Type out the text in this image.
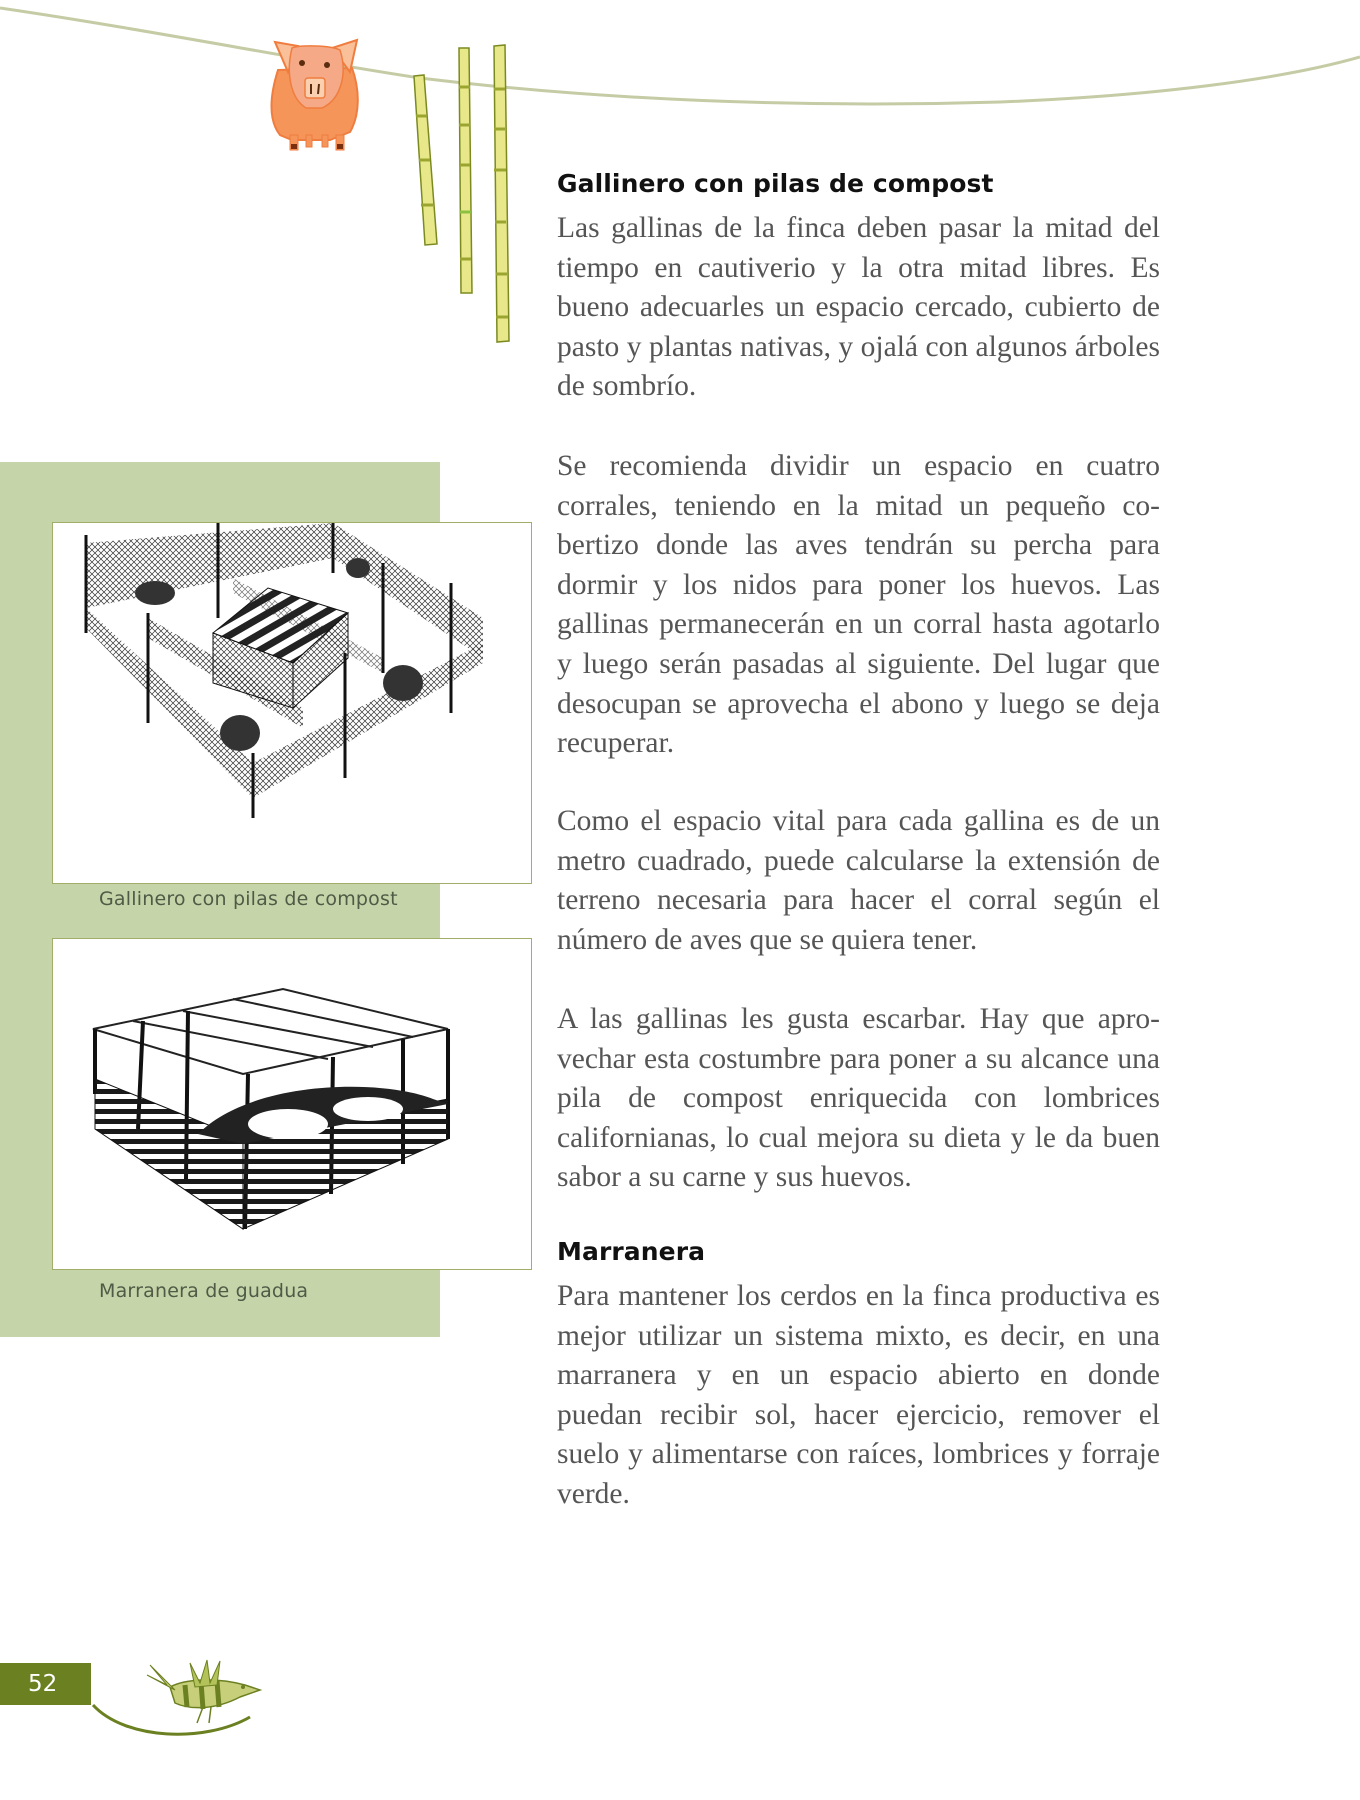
Gallinero con pilas de compost
Marranera de guadua
Gallinero con pilas de compost

Las gallinas de la finca deben pasar la mitad del tiempo en cautiverio y la otra mitad libres. Es bueno adecuarles un espacio cercado, cubierto de pasto y plantas nativas, y ojalá con algunos árboles de sombrío.

Se recomienda dividir un espacio en cuatro corrales, teniendo en la mitad un pequeño cobertizo donde las aves tendrán su percha para dormir y los nidos para poner los huevos. Las gallinas permanecerán en un corral hasta agotarlo y luego serán pasadas al siguiente. Del lugar que desocupan se aprovecha el abono y luego se deja recuperar.

Como el espacio vital para cada gallina es de un metro cuadrado, puede calcularse la extensión de terreno necesaria para hacer el corral según el número de aves que se quiera tener.

A las gallinas les gusta escarbar. Hay que aprovechar esta costumbre para poner a su alcance una pila de compost enriquecida con lombrices californianas, lo cual mejora su dieta y le da buen sabor a su carne y sus huevos.

Marranera

Para mantener los cerdos en la finca productiva es mejor utilizar un sistema mixto, es decir, en una marranera y en un espacio abierto en donde puedan recibir sol, hacer ejercicio, remover el suelo y alimentarse con raíces, lombrices y forraje verde.

52
